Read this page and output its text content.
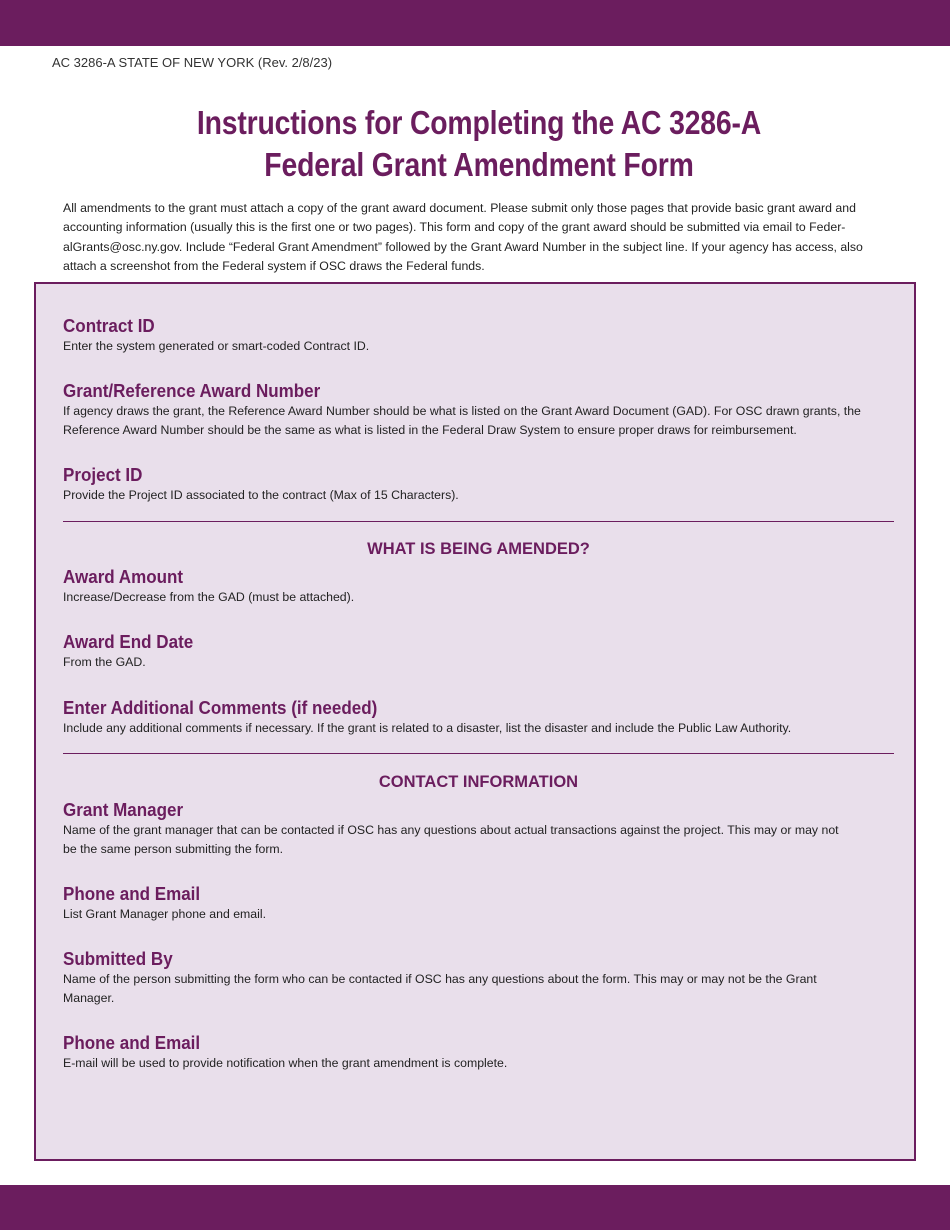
AC 3286-A STATE OF NEW YORK (Rev. 2/8/23)
Instructions for Completing the AC 3286-A
Federal Grant Amendment Form
All amendments to the grant must attach a copy of the grant award document. Please submit only those pages that provide basic grant award and
accounting information (usually this is the first one or two pages). This form and copy of the grant award should be submitted via email to Feder-
alGrants@osc.ny.gov. Include “Federal Grant Amendment” followed by the Grant Award Number in the subject line. If your agency has access, also
attach a screenshot from the Federal system if OSC draws the Federal funds.
Contract ID

Enter the system generated or smart-coded Contract ID.

Grant/Reference Award Number

If agency draws the grant, the Reference Award Number should be what is listed on the Grant Award Document (GAD). For OSC drawn grants, the

Reference Award Number should be the same as what is listed in the Federal Draw System to ensure proper draws for reimbursement.

Project ID

Provide the Project ID associated to the contract (Max of 15 Characters).

WHAT IS BEING AMENDED?
Award Amount

Increase/Decrease from the GAD (must be attached).

Award End Date

From the GAD.

Enter Additional Comments (if needed)

Include any additional comments if necessary. If the grant is related to a disaster, list the disaster and include the Public Law Authority.

CONTACT INFORMATION
Grant Manager

Name of the grant manager that can be contacted if OSC has any questions about actual transactions against the project. This may or may not

be the same person submitting the form.

Phone and Email

List Grant Manager phone and email.

Submitted By

Name of the person submitting the form who can be contacted if OSC has any questions about the form. This may or may not be the Grant

Manager.

Phone and Email

E-mail will be used to provide notification when the grant amendment is complete.
